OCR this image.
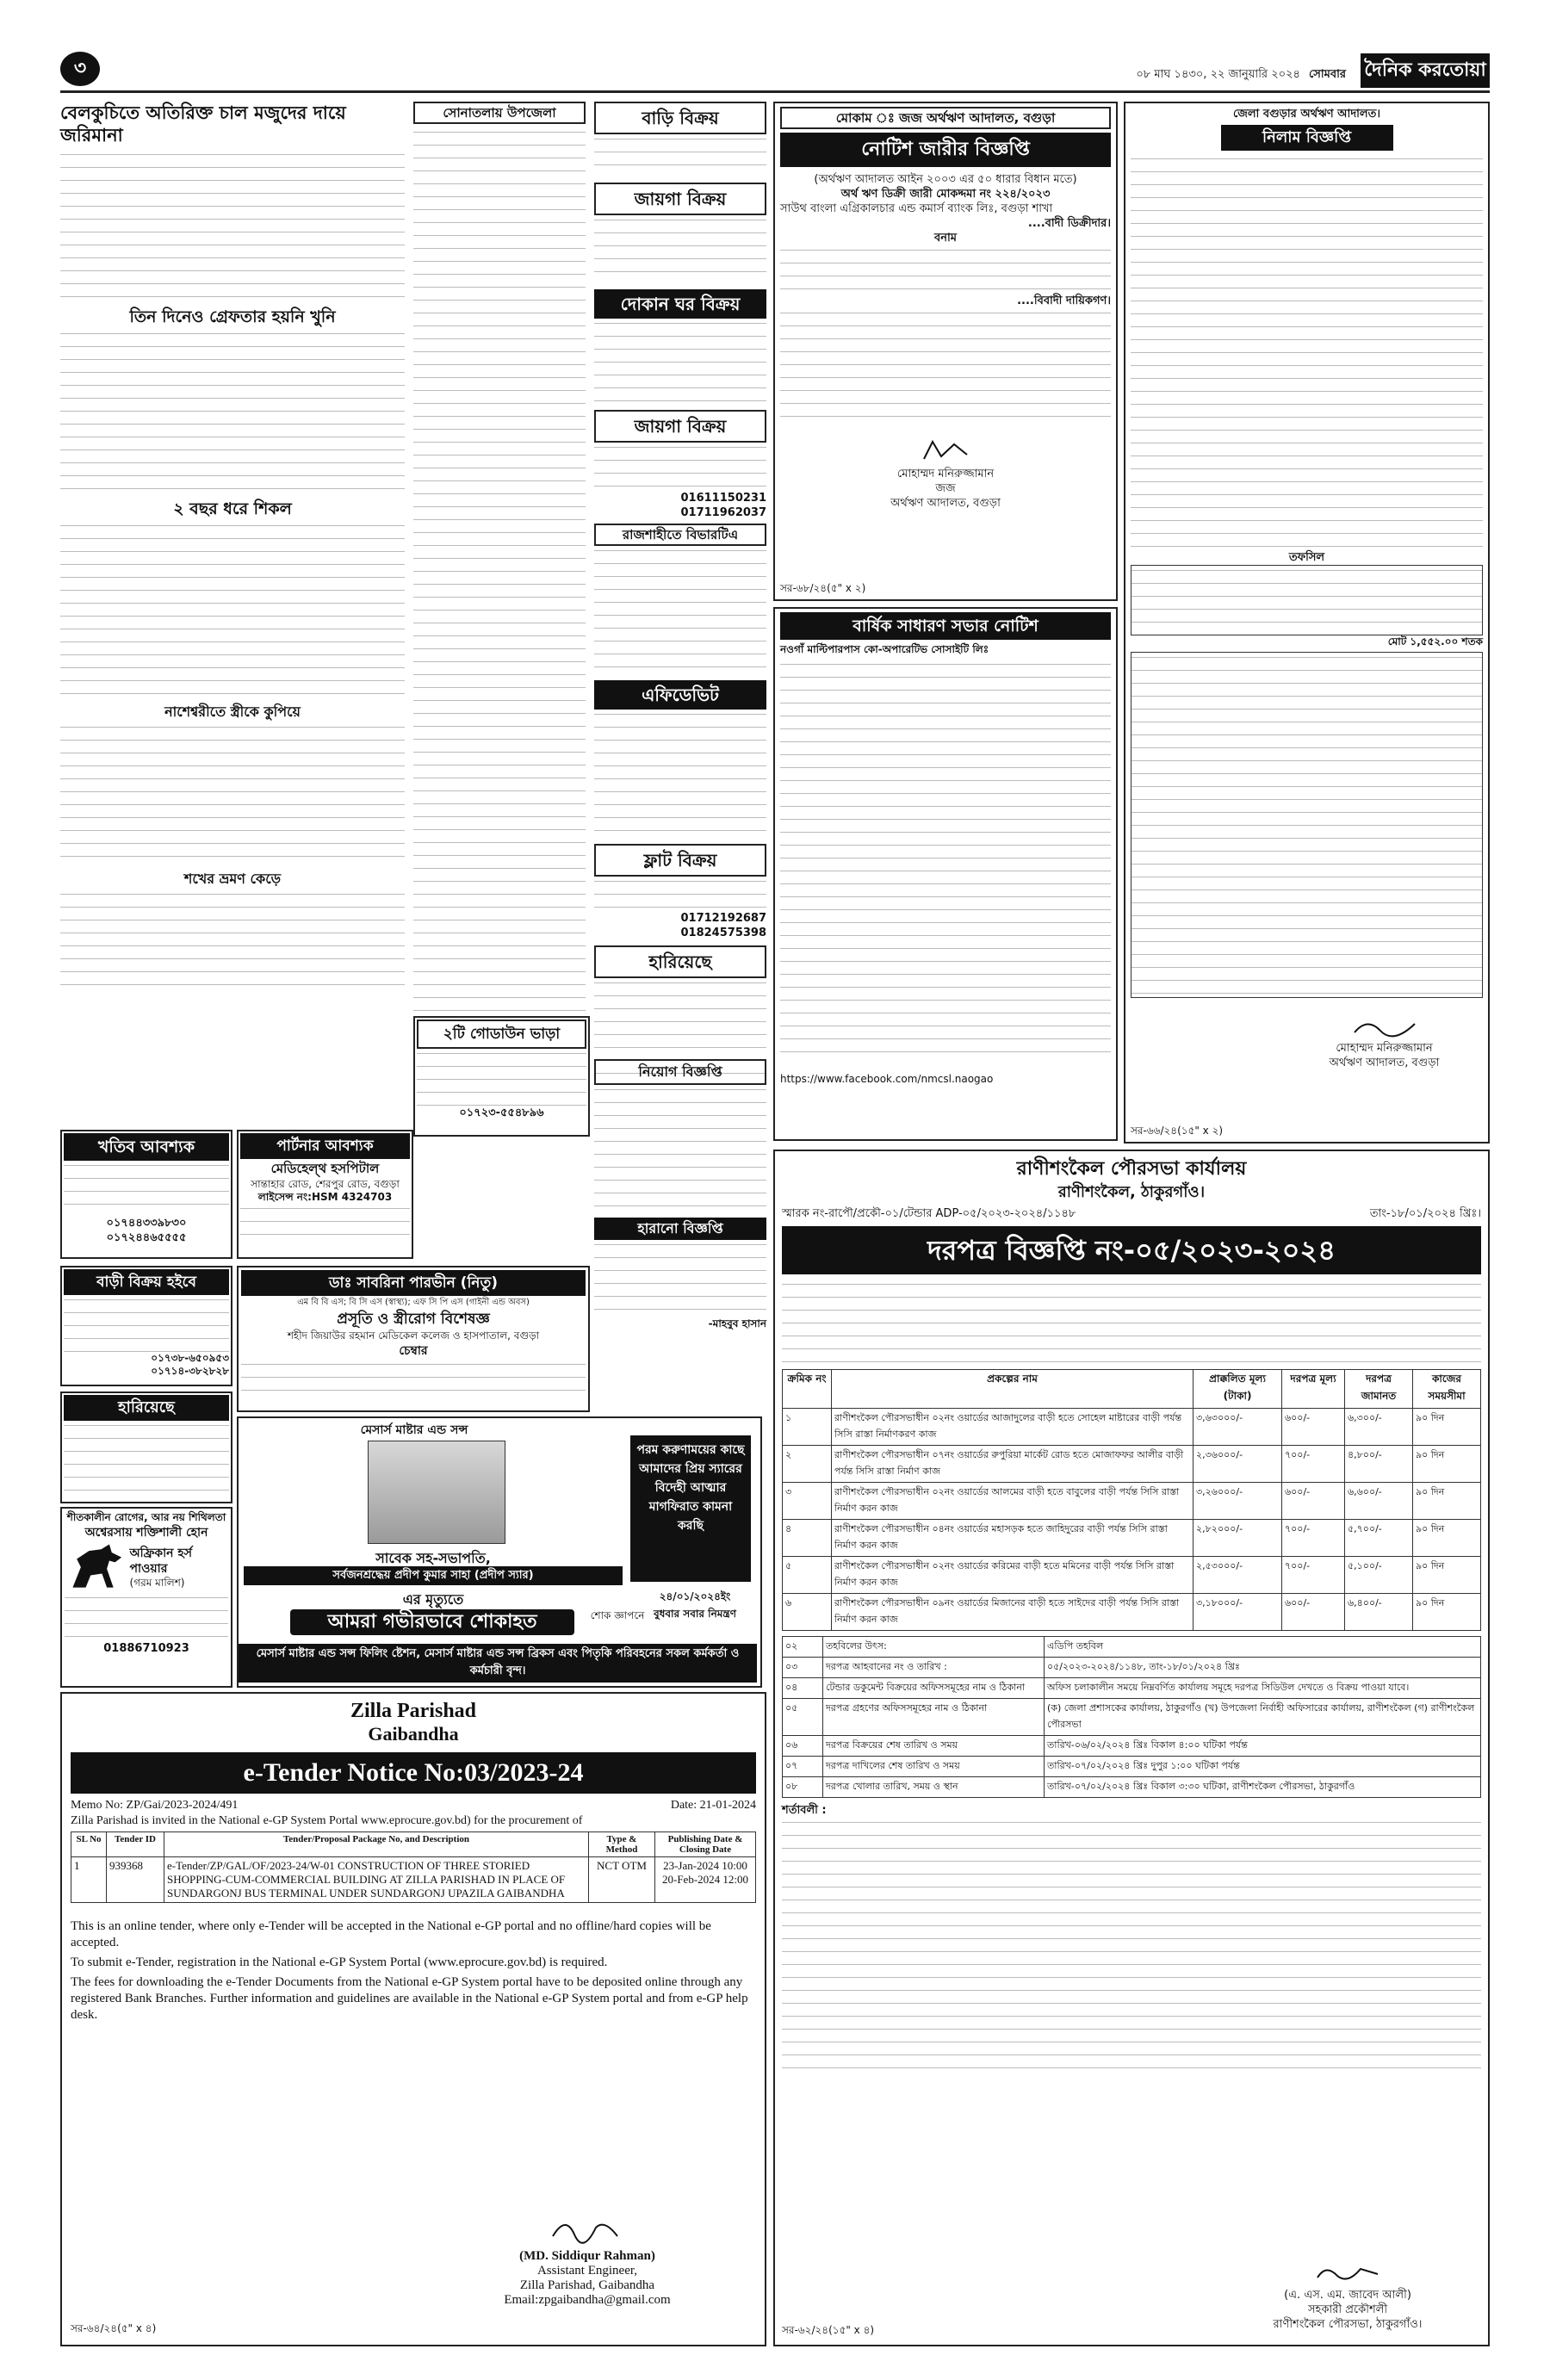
৩	০৮ মাঘ ১৪৩০, ২২ জানুয়ারি ২০২৪ সোমবার দৈনিক করতোয়া
বেলকুচিতে অতিরিক্ত চাল মজুদের দায়ে জরিমানা
তিন দিনেও গ্রেফতার হয়নি খুনি
২ বছর ধরে শিকল
নাশেশ্বরীতে স্ত্রীকে কুপিয়ে
শখের ভ্রমণ কেড়ে
সোনাতলায় উপজেলা	বাড়ি বিক্রয়
জায়গা বিক্রয়
দোকান ঘর বিক্রয়
জায়গা বিক্রয়
01611150231
01711962037
রাজশাহীতে বিভারটিএ
এফিডেভিট
ফ্লাট বিক্রয়
01712192687
01824575398
হারিয়েছে
নিয়োগ বিজ্ঞপ্তি
হারানো বিজ্ঞপ্তি
-মাহবুব হাসান
খতিব আবশ্যক
০১৭৪৪৩৩৯৮৩০
০১৭২৪৪৬৫৫৫৫
পার্টনার আবশ্যক
মেডিহেল্থ হসপিটাল
সান্তাহার রোড, শেরপুর রোড, বগুড়া
লাইসেন্স নং:HSM 4324703
২টি গোডাউন ভাড়া
০১৭২৩-৫৫৪৮৯৬
বাড়ী বিক্রয় হইবে
০১৭৩৮-৬৫০৯৫৩
০১৭১৪-৩৮২৮২৮
হারিয়েছে
শীতকালীন রোগের, আর নয় শিথিলতা
অশ্বেরসায় শক্তিশালী হোন
অফ্রিকান হর্স পাওয়ার
(গরম মালিশ)
01886710923
ডাঃ সাবরিনা পারভীন (নিতু)
এম বি বি এস; বি সি এস (স্বাস্থ্য); এফ সি পি এস (গাইনী এন্ড অবস)
প্রসূতি ও স্ত্রীরোগ বিশেষজ্ঞ
শহীদ জিয়াউর রহমান মেডিকেল কলেজ ও হাসপাতাল, বগুড়া
চেম্বার
মেসার্স মাষ্টার এন্ড সন্স
সাবেক সহ-সভাপতি,
সর্বজনশ্রদ্ধেয় প্রদীপ কুমার সাহা (প্রদীপ স্যার)
এর মৃত্যুতে
আমরা গভীরভাবে শোকাহত
পরম করুণাময়ের কাছে আমাদের প্রিয় স্যারের বিদেহী আত্মার মাগফিরাত কামনা করছি
২৪/০১/২০২৪ইং
শোক জ্ঞাপনে বুধবার সবার নিমন্ত্রণ
মেসার্স মাষ্টার এন্ড সন্স ফিলিং ষ্টেশন, মেসার্স মাষ্টার এন্ড সন্স ব্রিকস এবং পিতৃকি পরিবহনের সকল কর্মকর্তা ও কর্মচারী বৃন্দ।
Zilla Parishad
Gaibandha
e-Tender Notice No:03/2023-24
Memo No: ZP/Gai/2023-2024/491	Date: 21-01-2024
Zilla Parishad is invited in the National e-GP System Portal www.eprocure.gov.bd) for the procurement of
SL No	Tender ID	Tender/Proposal Package No, and Description	Type & Method	Publishing Date & Closing Date
1	939368	e-Tender/ZP/GAL/OF/2023-24/W-01 CONSTRUCTION OF THREE STORIED SHOPPING-CUM-COMMERCIAL BUILDING AT ZILLA PARISHAD IN PLACE OF SUNDARGONJ BUS TERMINAL UNDER SUNDARGONJ UPAZILA GAIBANDHA	NCT OTM	23-Jan-2024 10:00 20-Feb-2024 12:00
This is an online tender, where only e-Tender will be accepted in the National e-GP portal and no offline/hard copies will be accepted.
To submit e-Tender, registration in the National e-GP System Portal (www.eprocure.gov.bd) is required.
The fees for downloading the e-Tender Documents from the National e-GP System portal have to be deposited online through any registered Bank Branches. Further information and guidelines are available in the National e-GP System portal and from e-GP help desk.
(MD. Siddiqur Rahman)
Assistant Engineer,
Zilla Parishad, Gaibandha
Email:zpgaibandha@gmail.com
সর-৬৪/২৪(৫" x ৪)
মোকাম ঃ জজ অর্থঋণ আদালত, বগুড়া
নোটিশ জারীর বিজ্ঞপ্তি
(অর্থঋণ আদালত আইন ২০০৩ এর ৫০ ধারার বিধান মতে)
অর্থ ঋণ ডিক্রী জারী মোকদ্দমা নং ২২৪/২০২৩
সাউথ বাংলা এগ্রিকালচার এন্ড কমার্স ব্যাংক লিঃ, বগুড়া শাখা
....বাদী ডিক্রীদার।
বনাম
....বিবাদী দায়িকগণ।
মোহাম্মদ মনিরুজ্জামান
জজ
অর্থঋণ আদালত, বগুড়া
সর-৬৮/২৪(৫" x ২)
বার্ষিক সাধারণ সভার নোটিশ
নওগাঁ মাল্টিপারপাস কো-অপারেটিভ সোসাইটি লিঃ
https://www.facebook.com/nmcsl.naogao
জেলা বগুড়ার অর্থঋণ আদালত।
নিলাম বিজ্ঞপ্তি
তফসিল
মোট ১,৫৫২.০০ শতক
মোহাম্মদ মনিরুজ্জামান
অর্থঋণ আদালত, বগুড়া
সর-৬৬/২৪(১৫" x ২)
রাণীশংকৈল পৌরসভা কার্যালয়
রাণীশংকৈল, ঠাকুরগাঁও।
স্মারক নং-রাপৌ/প্রকৌ-০১/টেন্ডার ADP-০৫/২০২৩-২০২৪/১১৪৮	তাং-১৮/০১/২০২৪ খ্রিঃ।
দরপত্র বিজ্ঞপ্তি নং-০৫/২০২৩-২০২৪
ক্রমিক নং	প্রকল্পের নাম	প্রাক্কলিত মূল্য (টাকা)	দরপত্র মূল্য	দরপত্র জামানত	কাজের সময়সীমা
১	রাণীশংকৈল পৌরসভাধীন ০২নং ওয়ার্ডের আজাদুলের বাড়ী হতে সোহেল মাষ্টারের বাড়ী পর্যন্ত সিসি রাস্তা নির্মাণকরণ কাজ	৩,৬৩০০০/-	৬০০/-	৬,৩০০/-	৯০ দিন
২	রাণীশংকৈল পৌরসভাধীন ০৭নং ওয়ার্ডের রুপুরিয়া মার্কেট রোড হতে মোজাফফর আলীর বাড়ী পর্যন্ত সিসি রাস্তা নির্মাণ কাজ	২,৩৬০০০/-	৭০০/-	৪,৮০০/-	৯০ দিন
৩	রাণীশংকৈল পৌরসভাধীন ০২নং ওয়ার্ডের আলমের বাড়ী হতে বাবুলের বাড়ী পর্যন্ত সিসি রাস্তা নির্মাণ করন কাজ	৩,২৬০০০/-	৬০০/-	৬,৬০০/-	৯০ দিন
৪	রাণীশংকৈল পৌরসভাধীন ০৪নং ওয়ার্ডের মহাসড়ক হতে জাহিদুরের বাড়ী পর্যন্ত সিসি রাস্তা নির্মাণ করন কাজ	২,৮২০০০/-	৭০০/-	৫,৭০০/-	৯০ দিন
৫	রাণীশংকৈল পৌরসভাধীন ০২নং ওয়ার্ডের করিমের বাড়ী হতে মমিনের বাড়ী পর্যন্ত সিসি রাস্তা নির্মাণ করন কাজ	২,৫৩০০০/-	৭০০/-	৫,১০০/-	৯০ দিন
৬	রাণীশংকৈল পৌরসভাধীন ০৯নং ওয়ার্ডের মিজানের বাড়ী হতে সাইদের বাড়ী পর্যন্ত সিসি রাস্তা নির্মাণ করন কাজ	৩,১৮০০০/-	৬০০/-	৬,৪০০/-	৯০ দিন
০২	তহবিলের উৎস:	এডিপি তহবিল
০৩	দরপত্র আহবানের নং ও তারিখ :	০৫/২০২৩-২০২৪/১১৪৮, তাং-১৮/০১/২০২৪ খ্রিঃ
০৪	টেন্ডার ডকুমেন্ট বিক্রয়ের অফিসসমূহের নাম ও ঠিকানা	অফিস চলাকালীন সময়ে নিম্নবর্ণিত কার্যালয় সমূহে দরপত্র সিডিউল দেখতে ও বিক্রয় পাওয়া যাবে।
০৫	দরপত্র গ্রহণের অফিসসমূহের নাম ও ঠিকানা	(ক) জেলা প্রশাসকের কার্যালয়, ঠাকুরগাঁও (খ) উপজেলা নির্বাহী অফিসারের কার্যালয়, রাণীশংকৈল (গ) রাণীশংকৈল পৌরসভা
০৬	দরপত্র বিক্রয়ের শেষ তারিখ ও সময়	তারিখ-০৬/০২/২০২৪ খ্রিঃ বিকাল ৪:০০ ঘটিকা পর্যন্ত
০৭	দরপত্র দাখিলের শেষ তারিখ ও সময়	তারিখ-০৭/০২/২০২৪ খ্রিঃ দুপুর ১:০০ ঘটিকা পর্যন্ত
০৮	দরপত্র খোলার তারিখ, সময় ও স্থান	তারিখ-০৭/০২/২০২৪ খ্রিঃ বিকাল ৩:৩০ ঘটিকা, রাণীশংকৈল পৌরসভা, ঠাকুরগাঁও
শর্তাবলী :
(এ. এস. এম. জাবেদ আলী)
সহকারী প্রকৌশলী
রাণীশংকৈল পৌরসভা, ঠাকুরগাঁও।
সর-৬২/২৪(১৫" x ৪)
